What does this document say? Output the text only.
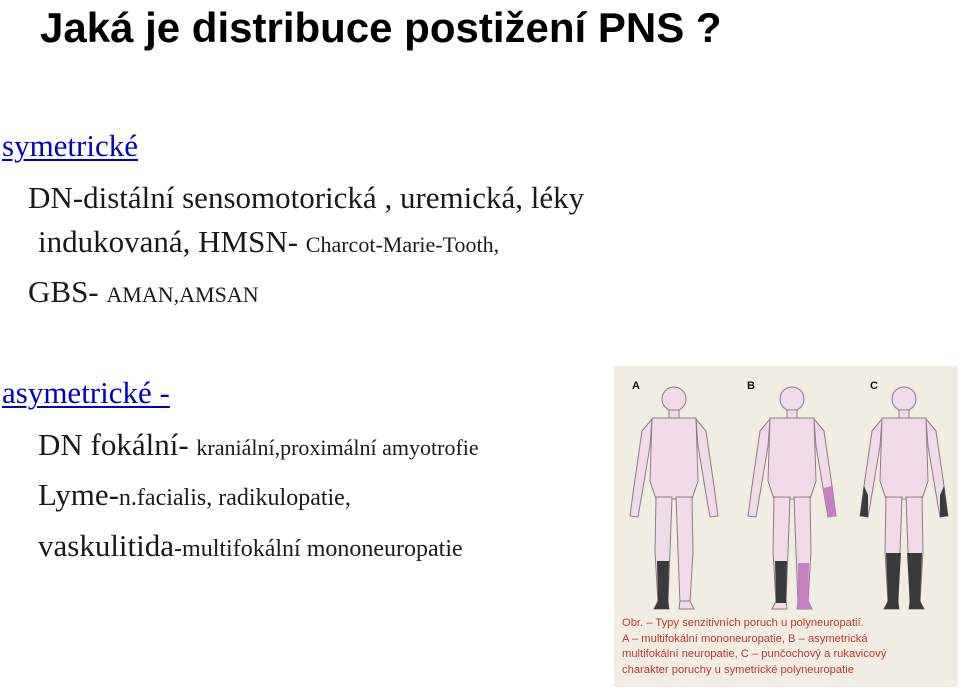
Jaká je distribuce postižení PNS ?
symetrické
DN-distální sensomotorická , uremická, léky
indukovaná, HMSN- Charcot-Marie-Tooth,
GBS- AMAN,AMSAN
asymetrické -
DN fokální- kraniální,proximální amyotrofie
Lyme-n.facialis, radikulopatie,
vaskulitida-multifokální mononeuropatie
A	B	C
Obr. – Typy senzitivních poruch u polyneuropatií.
A – multifokální mononeuropatie, B – asymetrická
multifokální neuropatie, C – punčochový a rukavicový
charakter poruchy u symetrické polyneuropatie
